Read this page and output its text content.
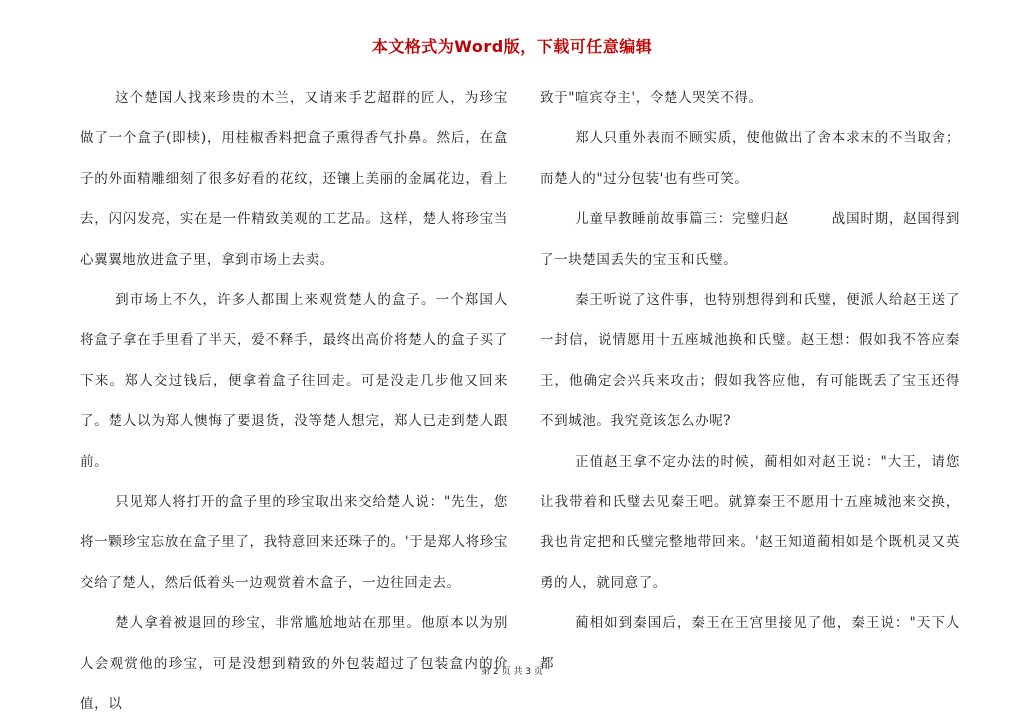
本文格式为Word版，下载可任意编辑

这个楚国人找来珍贵的木兰，又请来手艺超群的匠人，为珍宝做了一个盒子(即椟)，用桂椒香料把盒子熏得香气扑鼻。然后，在盒子的外面精雕细刻了很多好看的花纹，还镶上美丽的金属花边，看上去，闪闪发亮，实在是一件精致美观的工艺品。这样，楚人将珍宝当心翼翼地放进盒子里，拿到市场上去卖。

到市场上不久，许多人都围上来观赏楚人的盒子。一个郑国人将盒子拿在手里看了半天，爱不释手，最终出高价将楚人的盒子买了下来。郑人交过钱后，便拿着盒子往回走。可是没走几步他又回来了。楚人以为郑人懊悔了要退货，没等楚人想完，郑人已走到楚人跟前。

只见郑人将打开的盒子里的珍宝取出来交给楚人说："先生，您将一颗珍宝忘放在盒子里了，我特意回来还珠子的。'于是郑人将珍宝交给了楚人，然后低着头一边观赏着木盒子，一边往回走去。

楚人拿着被退回的珍宝，非常尴尬地站在那里。他原本以为别人会观赏他的珍宝，可是没想到精致的外包装超过了包装盒内的价值，以

致于"喧宾夺主'，令楚人哭笑不得。

郑人只重外表而不顾实质，使他做出了舍本求末的不当取舍；而楚人的"过分包装'也有些可笑。

儿童早教睡前故事篇三：完璧归赵　　　战国时期，赵国得到了一块楚国丢失的宝玉和氏璧。

秦王听说了这件事，也特别想得到和氏璧，便派人给赵王送了一封信，说情愿用十五座城池换和氏璧。赵王想：假如我不答应秦王，他确定会兴兵来攻击；假如我答应他，有可能既丢了宝玉还得不到城池。我究竟该怎么办呢?

正值赵王拿不定办法的时候，蔺相如对赵王说："大王，请您让我带着和氏璧去见秦王吧。就算秦王不愿用十五座城池来交换，我也肯定把和氏璧完整地带回来。'赵王知道蔺相如是个既机灵又英勇的人，就同意了。

蔺相如到秦国后，秦王在王宫里接见了他，秦王说："天下人都

第 2 页 共 3 页
